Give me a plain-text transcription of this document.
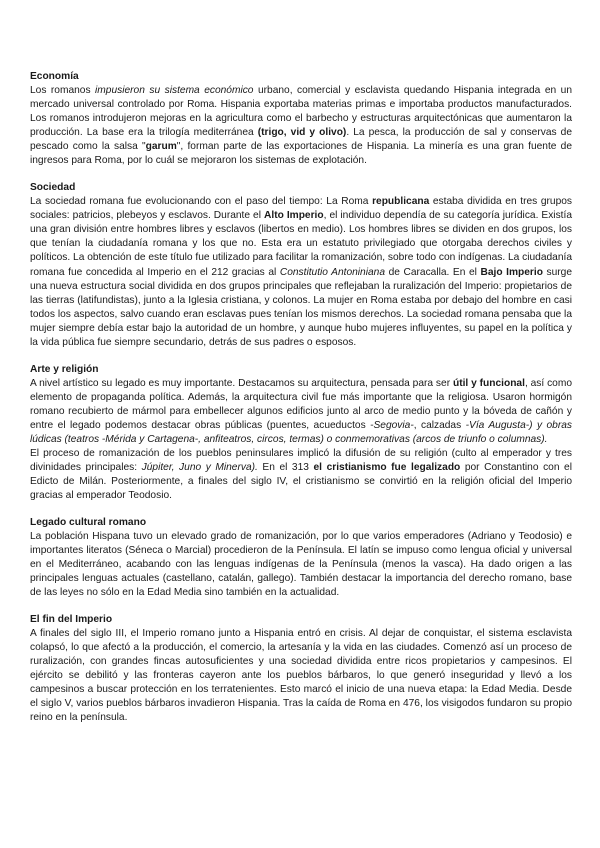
Economía

Los romanos impusieron su sistema económico urbano, comercial y esclavista quedando Hispania integrada en un mercado universal controlado por Roma. Hispania exportaba materias primas e importaba productos manufacturados. Los romanos introdujeron mejoras en la agricultura como el barbecho y estructuras arquitectónicas que aumentaron la producción. La base era la trilogía mediterránea (trigo, vid y olivo). La pesca, la producción de sal y conservas de pescado como la salsa "garum", forman parte de las exportaciones de Hispania. La minería es una gran fuente de ingresos para Roma, por lo cuál se mejoraron los sistemas de explotación.

Sociedad

La sociedad romana fue evolucionando con el paso del tiempo: La Roma republicana estaba dividida en tres grupos sociales: patricios, plebeyos y esclavos. Durante el Alto Imperio, el individuo dependía de su categoría jurídica. Existía una gran división entre hombres libres y esclavos (libertos en medio). Los hombres libres se dividen en dos grupos, los que tenían la ciudadanía romana y los que no. Esta era un estatuto privilegiado que otorgaba derechos civiles y políticos. La obtención de este título fue utilizado para facilitar la romanización, sobre todo con indígenas. La ciudadanía romana fue concedida al Imperio en el 212 gracias al Constitutio Antoniniana de Caracalla. En el Bajo Imperio surge una nueva estructura social dividida en dos grupos principales que reflejaban la ruralización del Imperio: propietarios de las tierras (latifundistas), junto a la Iglesia cristiana, y colonos. La mujer en Roma estaba por debajo del hombre en casi todos los aspectos, salvo cuando eran esclavas pues tenían los mismos derechos. La sociedad romana pensaba que la mujer siempre debía estar bajo la autoridad de un hombre, y aunque hubo mujeres influyentes, su papel en la política y la vida pública fue siempre secundario, detrás de sus padres o esposos.

Arte y religión

A nivel artístico su legado es muy importante. Destacamos su arquitectura, pensada para ser útil y funcional, así como elemento de propaganda política. Además, la arquitectura civil fue más importante que la religiosa. Usaron hormigón romano recubierto de mármol para embellecer algunos edificios junto al arco de medio punto y la bóveda de cañón y entre el legado podemos destacar obras públicas (puentes, acueductos -Segovia-, calzadas -Vía Augusta-) y obras lúdicas (teatros -Mérida y Cartagena-, anfiteatros, circos, termas) o conmemorativas (arcos de triunfo o columnas).

El proceso de romanización de los pueblos peninsulares implicó la difusión de su religión (culto al emperador y tres divinidades principales: Júpiter, Juno y Minerva). En el 313 el cristianismo fue legalizado por Constantino con el Edicto de Milán. Posteriormente, a finales del siglo IV, el cristianismo se convirtió en la religión oficial del Imperio gracias al emperador Teodosio.

Legado cultural romano

La población Hispana tuvo un elevado grado de romanización, por lo que varios emperadores (Adriano y Teodosio) e importantes literatos (Séneca o Marcial) procedieron de la Península. El latín se impuso como lengua oficial y universal en el Mediterráneo, acabando con las lenguas indígenas de la Península (menos la vasca). Ha dado origen a las principales lenguas actuales (castellano, catalán, gallego). También destacar la importancia del derecho romano, base de las leyes no sólo en la Edad Media sino también en la actualidad.

El fin del Imperio

A finales del siglo III, el Imperio romano junto a Hispania entró en crisis. Al dejar de conquistar, el sistema esclavista colapsó, lo que afectó a la producción, el comercio, la artesanía y la vida en las ciudades. Comenzó así un proceso de ruralización, con grandes fincas autosuficientes y una sociedad dividida entre ricos propietarios y campesinos. El ejército se debilitó y las fronteras cayeron ante los pueblos bárbaros, lo que generó inseguridad y llevó a los campesinos a buscar protección en los terratenientes. Esto marcó el inicio de una nueva etapa: la Edad Media. Desde el siglo V, varios pueblos bárbaros invadieron Hispania. Tras la caída de Roma en 476, los visigodos fundaron su propio reino en la península.
